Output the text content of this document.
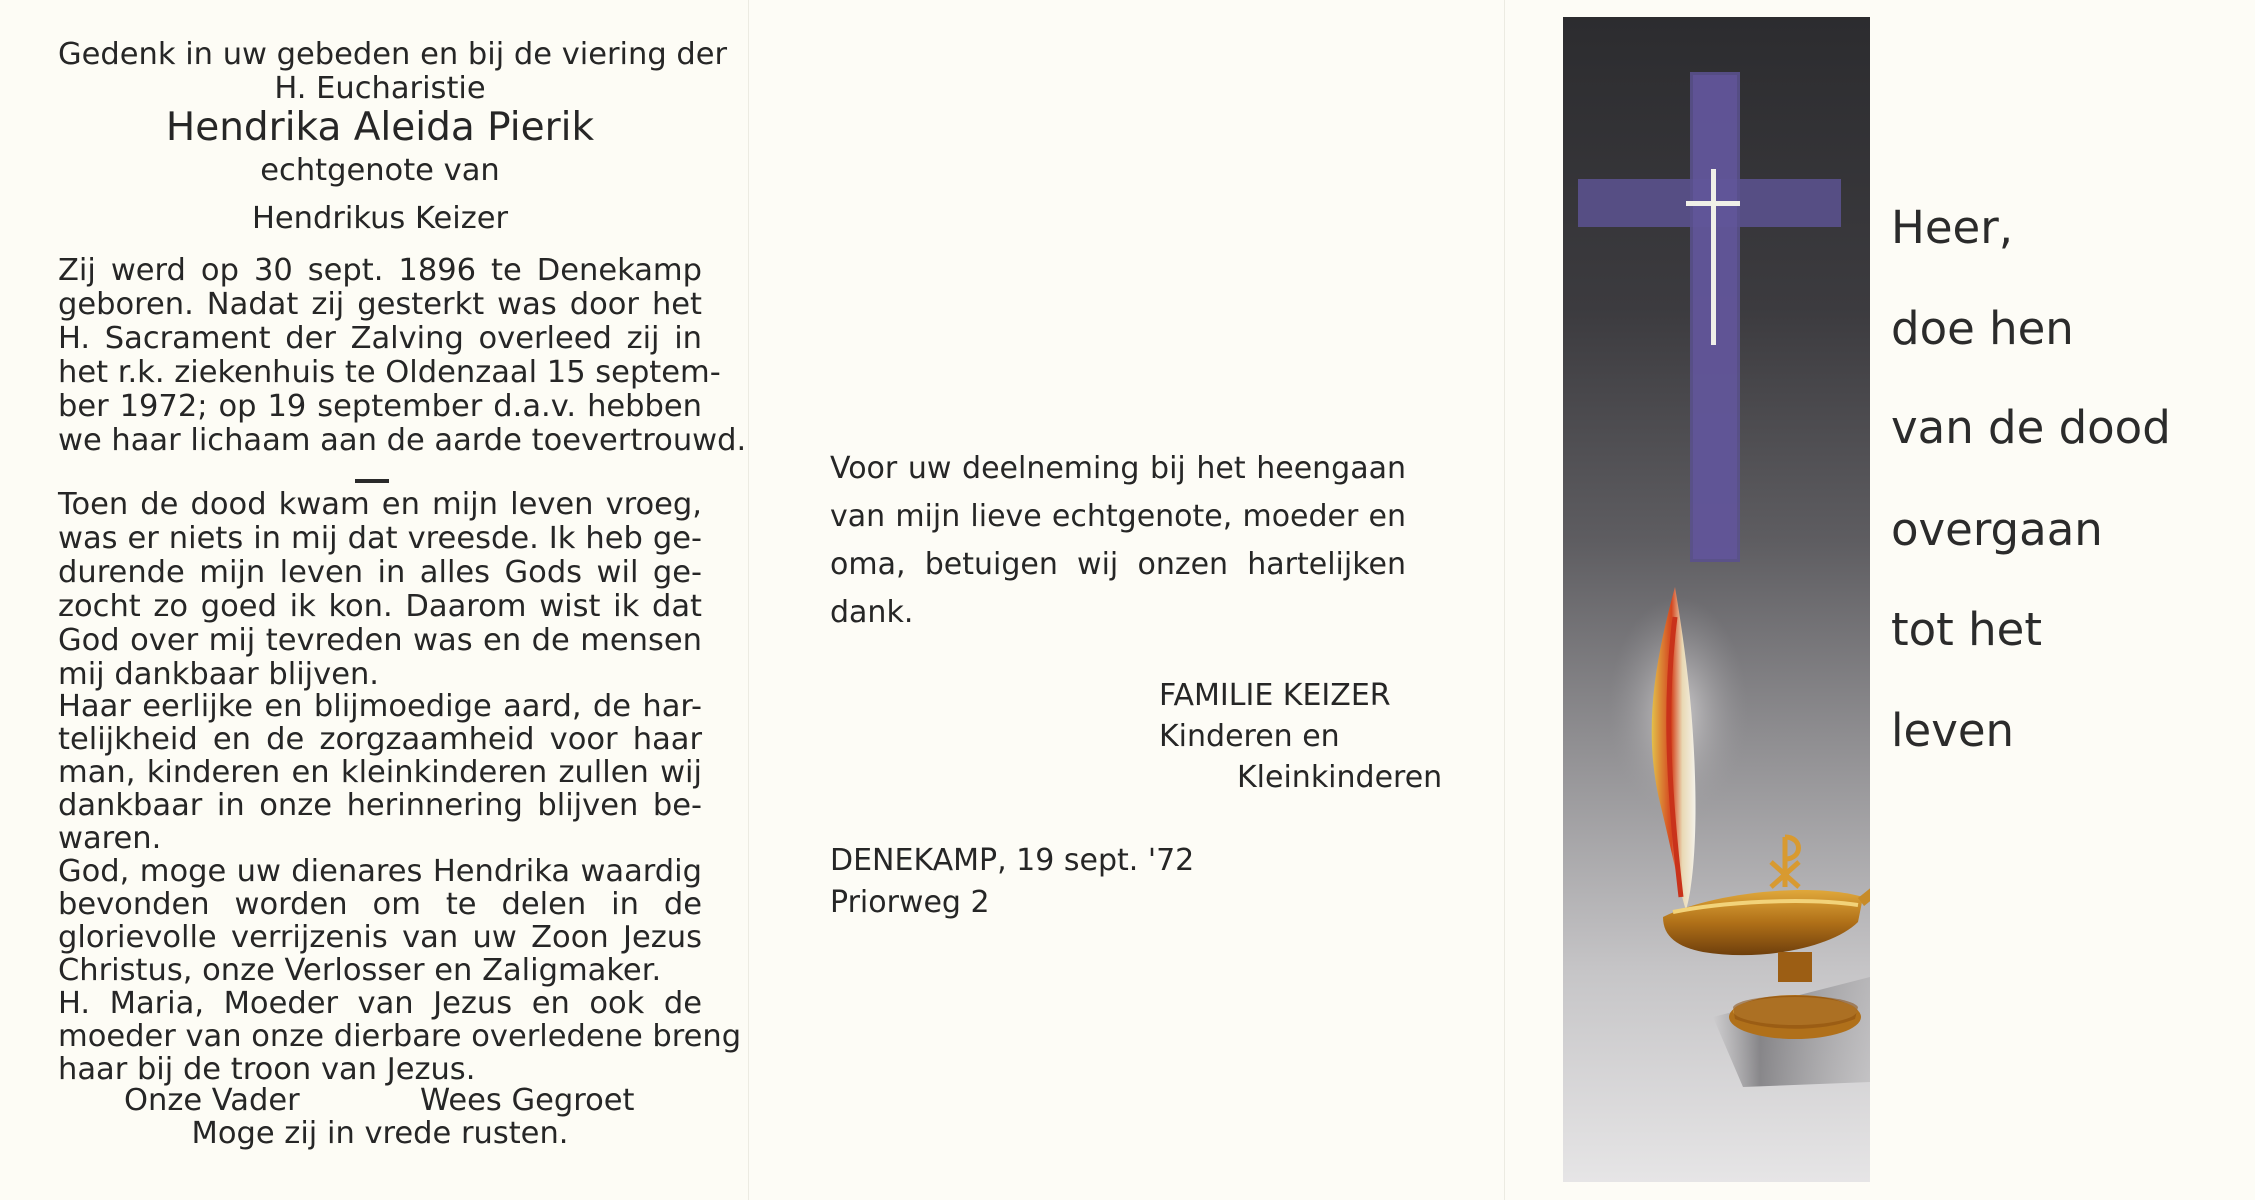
Gedenk in uw gebeden en bij de viering der
H. Eucharistie
Hendrika Aleida Pierik
echtgenote van
Hendrikus Keizer
Zij werd op 30 sept. 1896 te Denekamp
geboren. Nadat zij gesterkt was door het
H. Sacrament der Zalving overleed zij in
het r.k. ziekenhuis te Oldenzaal 15 septem-
ber 1972; op 19 september d.a.v. hebben
we haar lichaam aan de aarde toevertrouwd.
Toen de dood kwam en mijn leven vroeg,
was er niets in mij dat vreesde. Ik heb ge-
durende mijn leven in alles Gods wil ge-
zocht zo goed ik kon. Daarom wist ik dat
God over mij tevreden was en de mensen
mij dankbaar blijven.
Haar eerlijke en blijmoedige aard, de har-
telijkheid en de zorgzaamheid voor haar
man, kinderen en kleinkinderen zullen wij
dankbaar in onze herinnering blijven be-
waren.
God, moge uw dienares Hendrika waardig
bevonden worden om te delen in de
glorievolle verrijzenis van uw Zoon Jezus
Christus, onze Verlosser en Zaligmaker.
H. Maria, Moeder van Jezus en ook de
moeder van onze dierbare overledene breng
haar bij de troon van Jezus.
Onze Vader	Wees Gegroet
Moge zij in vrede rusten.
Voor uw deelneming bij het heengaan
van mijn lieve echtgenote, moeder en
oma, betuigen wij onzen hartelijken
dank.
FAMILIE KEIZER
Kinderen en
Kleinkinderen
DENEKAMP, 19 sept. '72
Priorweg 2
Heer,
doe hen
van de dood
overgaan
tot het
leven
